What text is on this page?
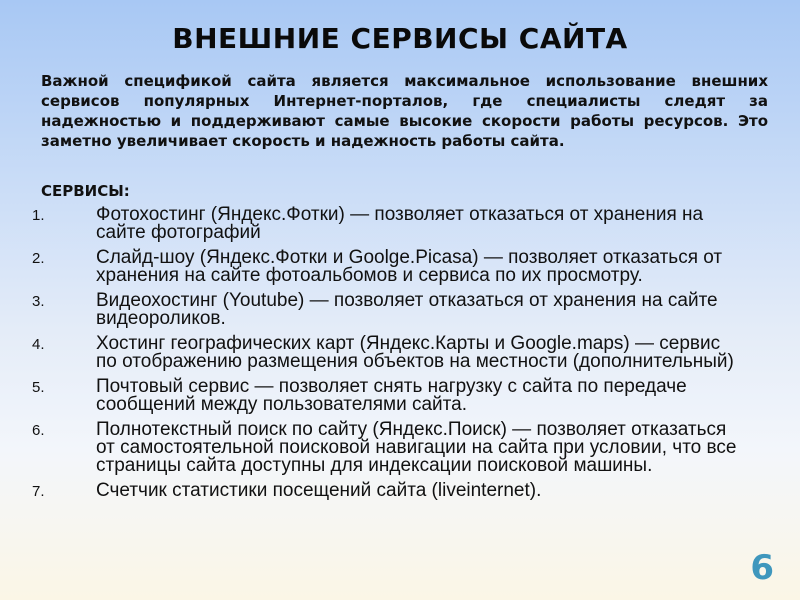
ВНЕШНИЕ СЕРВИСЫ САЙТА
Важной спецификой сайта является максимальное использование внешних сервисов популярных Интернет-порталов, где специалисты следят за надежностью и поддерживают самые высокие скорости работы ресурсов. Это заметно увеличивает скорость и надежность работы сайта.
СЕРВИСЫ:
1.	Фотохостинг (Яндекс.Фотки) — позволяет отказаться от хранения на сайте фотографий
2.	Слайд-шоу (Яндекс.Фотки и Goolge.Picasa) — позволяет отказаться от хранения на сайте фотоальбомов и сервиса по их просмотру.
3.	Видеохостинг (Youtube) — позволяет отказаться от хранения на сайте видеороликов.
4.	Хостинг географических карт (Яндекс.Карты и Google.maps) — сервис по отображению размещения объектов на местности (дополнительный)
5.	Почтовый сервис — позволяет снять нагрузку с сайта по передаче сообщений между пользователями сайта.
6.	Полнотекстный поиск по сайту (Яндекс.Поиск) — позволяет отказаться от самостоятельной поисковой навигации на сайта при условии, что все страницы сайта доступны для индексации поисковой машины.
7.	Счетчик статистики посещений сайта (liveinternet).
6
